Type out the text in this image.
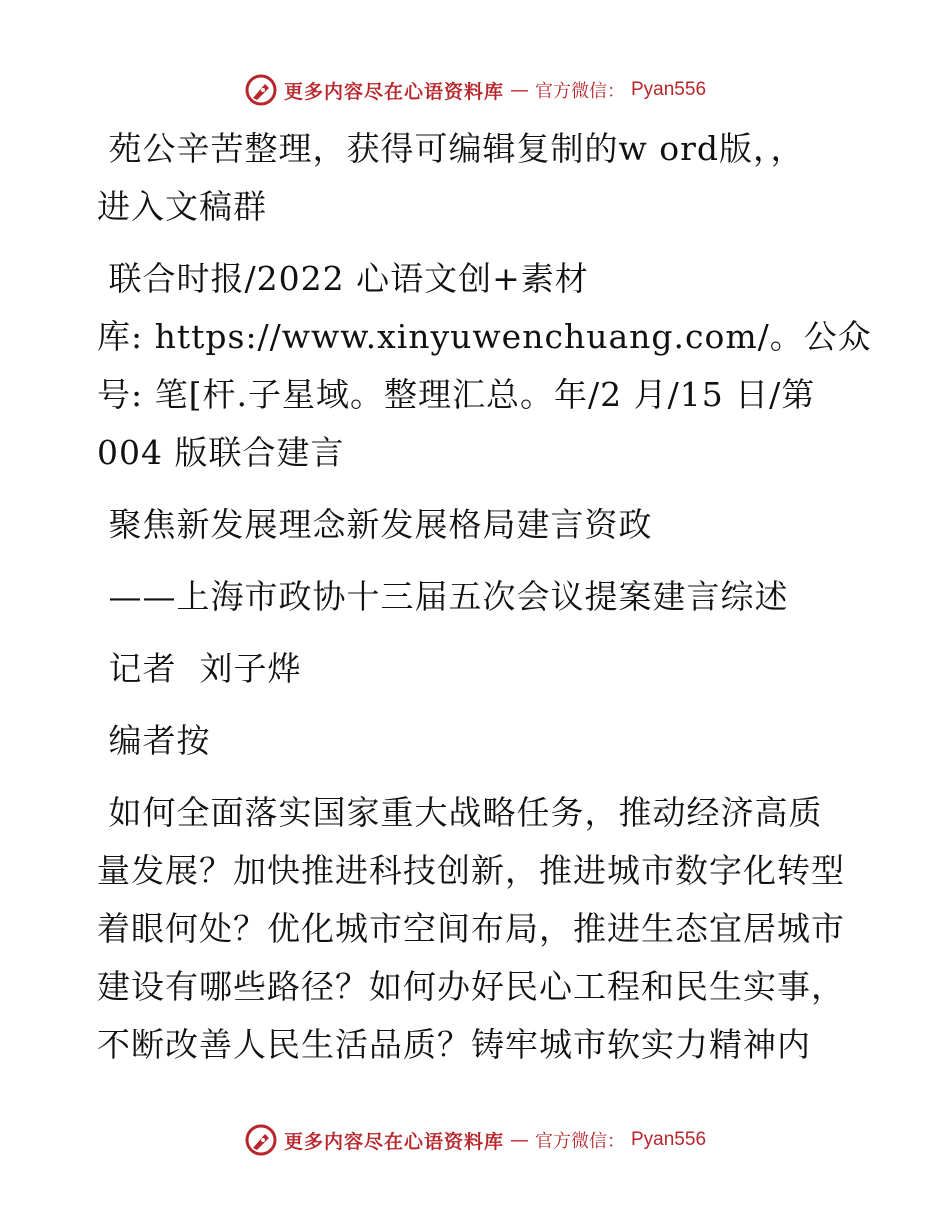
更多内容尽在心语资料库 — 官方微信： Pyan556
苑公辛苦整理，获得可编辑复制的w ord版，，
进入文稿群
联合时报/2022 心语文创+素材
库: https://www.xinyuwenchuang.com/。公众
号: 笔[杆.子星域。整理汇总。年/2 月/15 日/第
004 版联合建言
聚焦新发展理念新发展格局建言资政
——上海市政协十三届五次会议提案建言综述
记者  刘子烨
编者按
如何全面落实国家重大战略任务，推动经济高质
量发展？加快推进科技创新，推进城市数字化转型
着眼何处？优化城市空间布局，推进生态宜居城市
建设有哪些路径？如何办好民心工程和民生实事，
不断改善人民生活品质？铸牢城市软实力精神内
更多内容尽在心语资料库 — 官方微信： Pyan556
